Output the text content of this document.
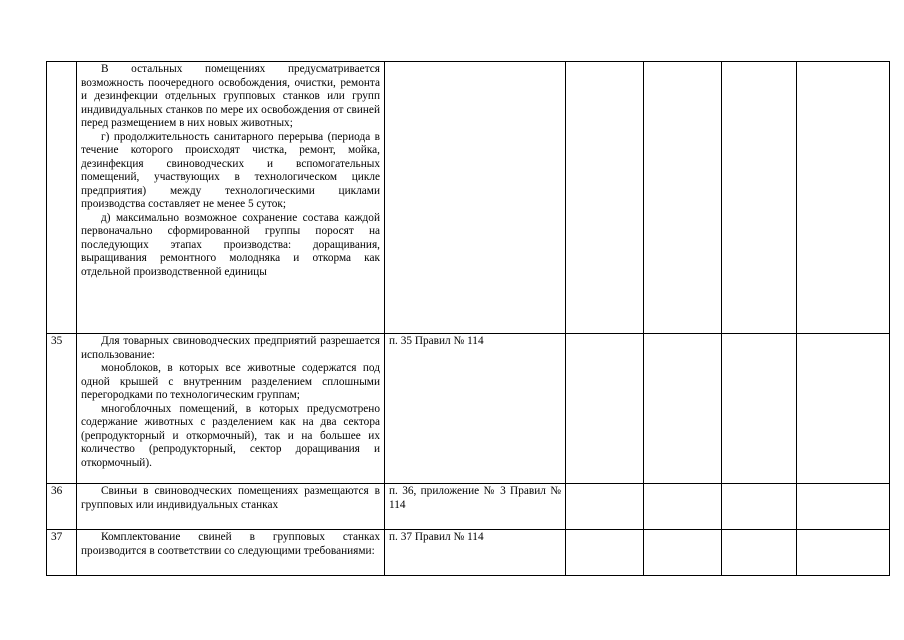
	В остальных помещениях предусматривается возможность поочередного освобождения, очистки, ремонта и дезинфекции отдельных групповых станков или групп индивидуальных станков по мере их освобождения от свиней перед размещением в них новых животных;

г) продолжительность санитарного перерыва (периода в течение которого происходят чистка, ремонт, мойка, дезинфекция свиноводческих и вспомогательных помещений, участвующих в технологическом цикле предприятия) между технологическими циклами производства составляет не менее 5 суток;

д) максимально возможное сохранение состава каждой первоначально сформированной группы поросят на последующих этапах производства: доращивания, выращивания ремонтного молодняка и откорма как отдельной производственной единицы					

35	Для товарных свиноводческих предприятий разрешается использование:

моноблоков, в которых все животные содержатся под одной крышей с внутренним разделением сплошными перегородками по технологическим группам;

многоблочных помещений, в которых предусмотрено содержание животных с разделением как на два сектора (репродукторный и откормочный), так и на большее их количество (репродукторный, сектор доращивания и откормочный).	п. 35 Правил № 114				

36	Свиньи в свиноводческих помещениях размещаются в групповых или индивидуальных станках	п. 36, приложение № 3 Правил № 114				

37	Комплектование свиней в групповых станках производится в соответствии со следующими требованиями:	п. 37 Правил № 114				
